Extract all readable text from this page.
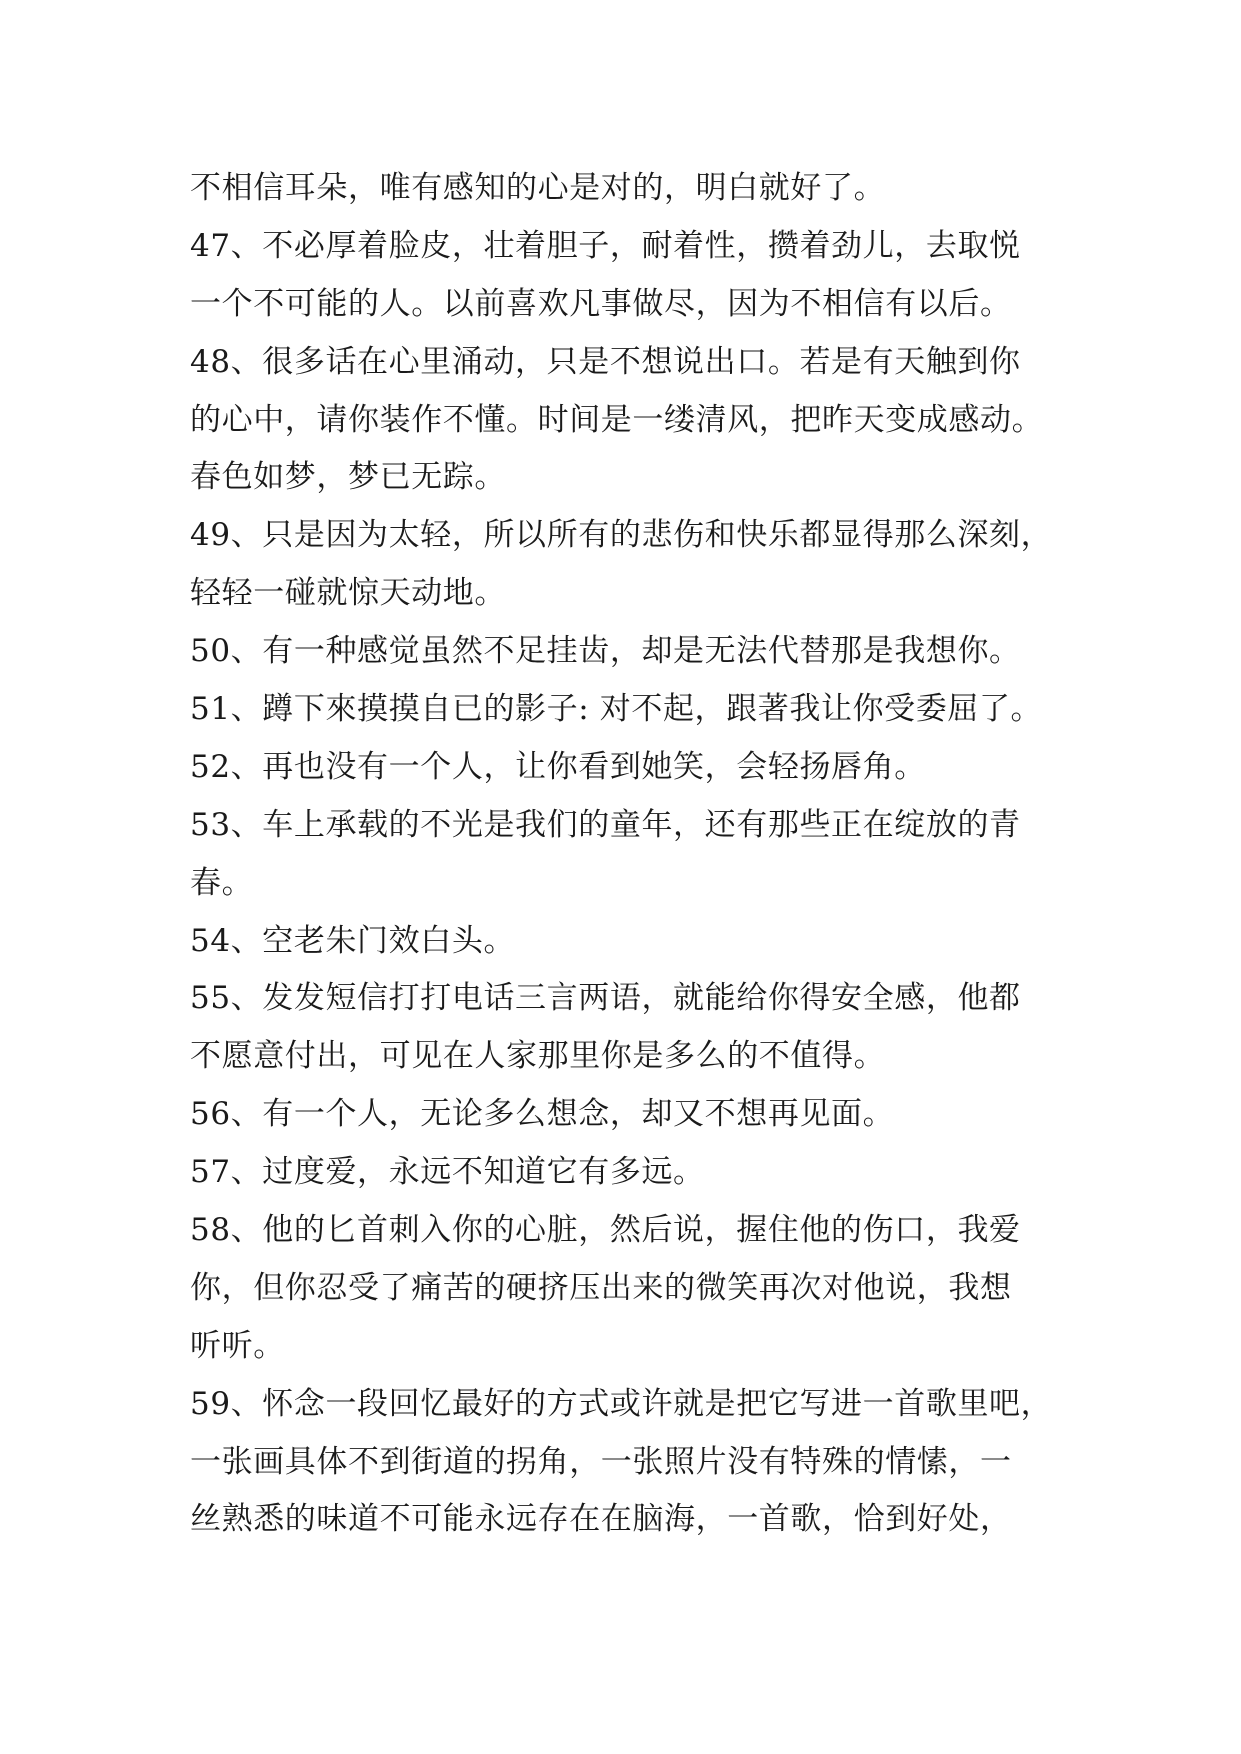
不相信耳朵，唯有感知的心是对的，明白就好了。
47、不必厚着脸皮，壮着胆子，耐着性，攒着劲儿，去取悦
一个不可能的人。以前喜欢凡事做尽，因为不相信有以后。
48、很多话在心里涌动，只是不想说出口。若是有天触到你
的心中，请你装作不懂。时间是一缕清风，把昨天变成感动。
春色如梦，梦已无踪。
49、只是因为太轻，所以所有的悲伤和快乐都显得那么深刻，
轻轻一碰就惊天动地。
50、有一种感觉虽然不足挂齿，却是无法代替那是我想你。
51、蹲下來摸摸自已的影子: 对不起，跟著我让你受委屈了。
52、再也没有一个人，让你看到她笑，会轻扬唇角。
53、车上承载的不光是我们的童年，还有那些正在绽放的青
春。
54、空老朱门效白头。
55、发发短信打打电话三言两语，就能给你得安全感，他都
不愿意付出，可见在人家那里你是多么的不值得。
56、有一个人，无论多么想念，却又不想再见面。
57、过度爱，永远不知道它有多远。
58、他的匕首刺入你的心脏，然后说，握住他的伤口，我爱
你，但你忍受了痛苦的硬挤压出来的微笑再次对他说，我想
听听。
59、怀念一段回忆最好的方式或许就是把它写进一首歌里吧，
一张画具体不到街道的拐角，一张照片没有特殊的情愫，一
丝熟悉的味道不可能永远存在在脑海，一首歌，恰到好处，
